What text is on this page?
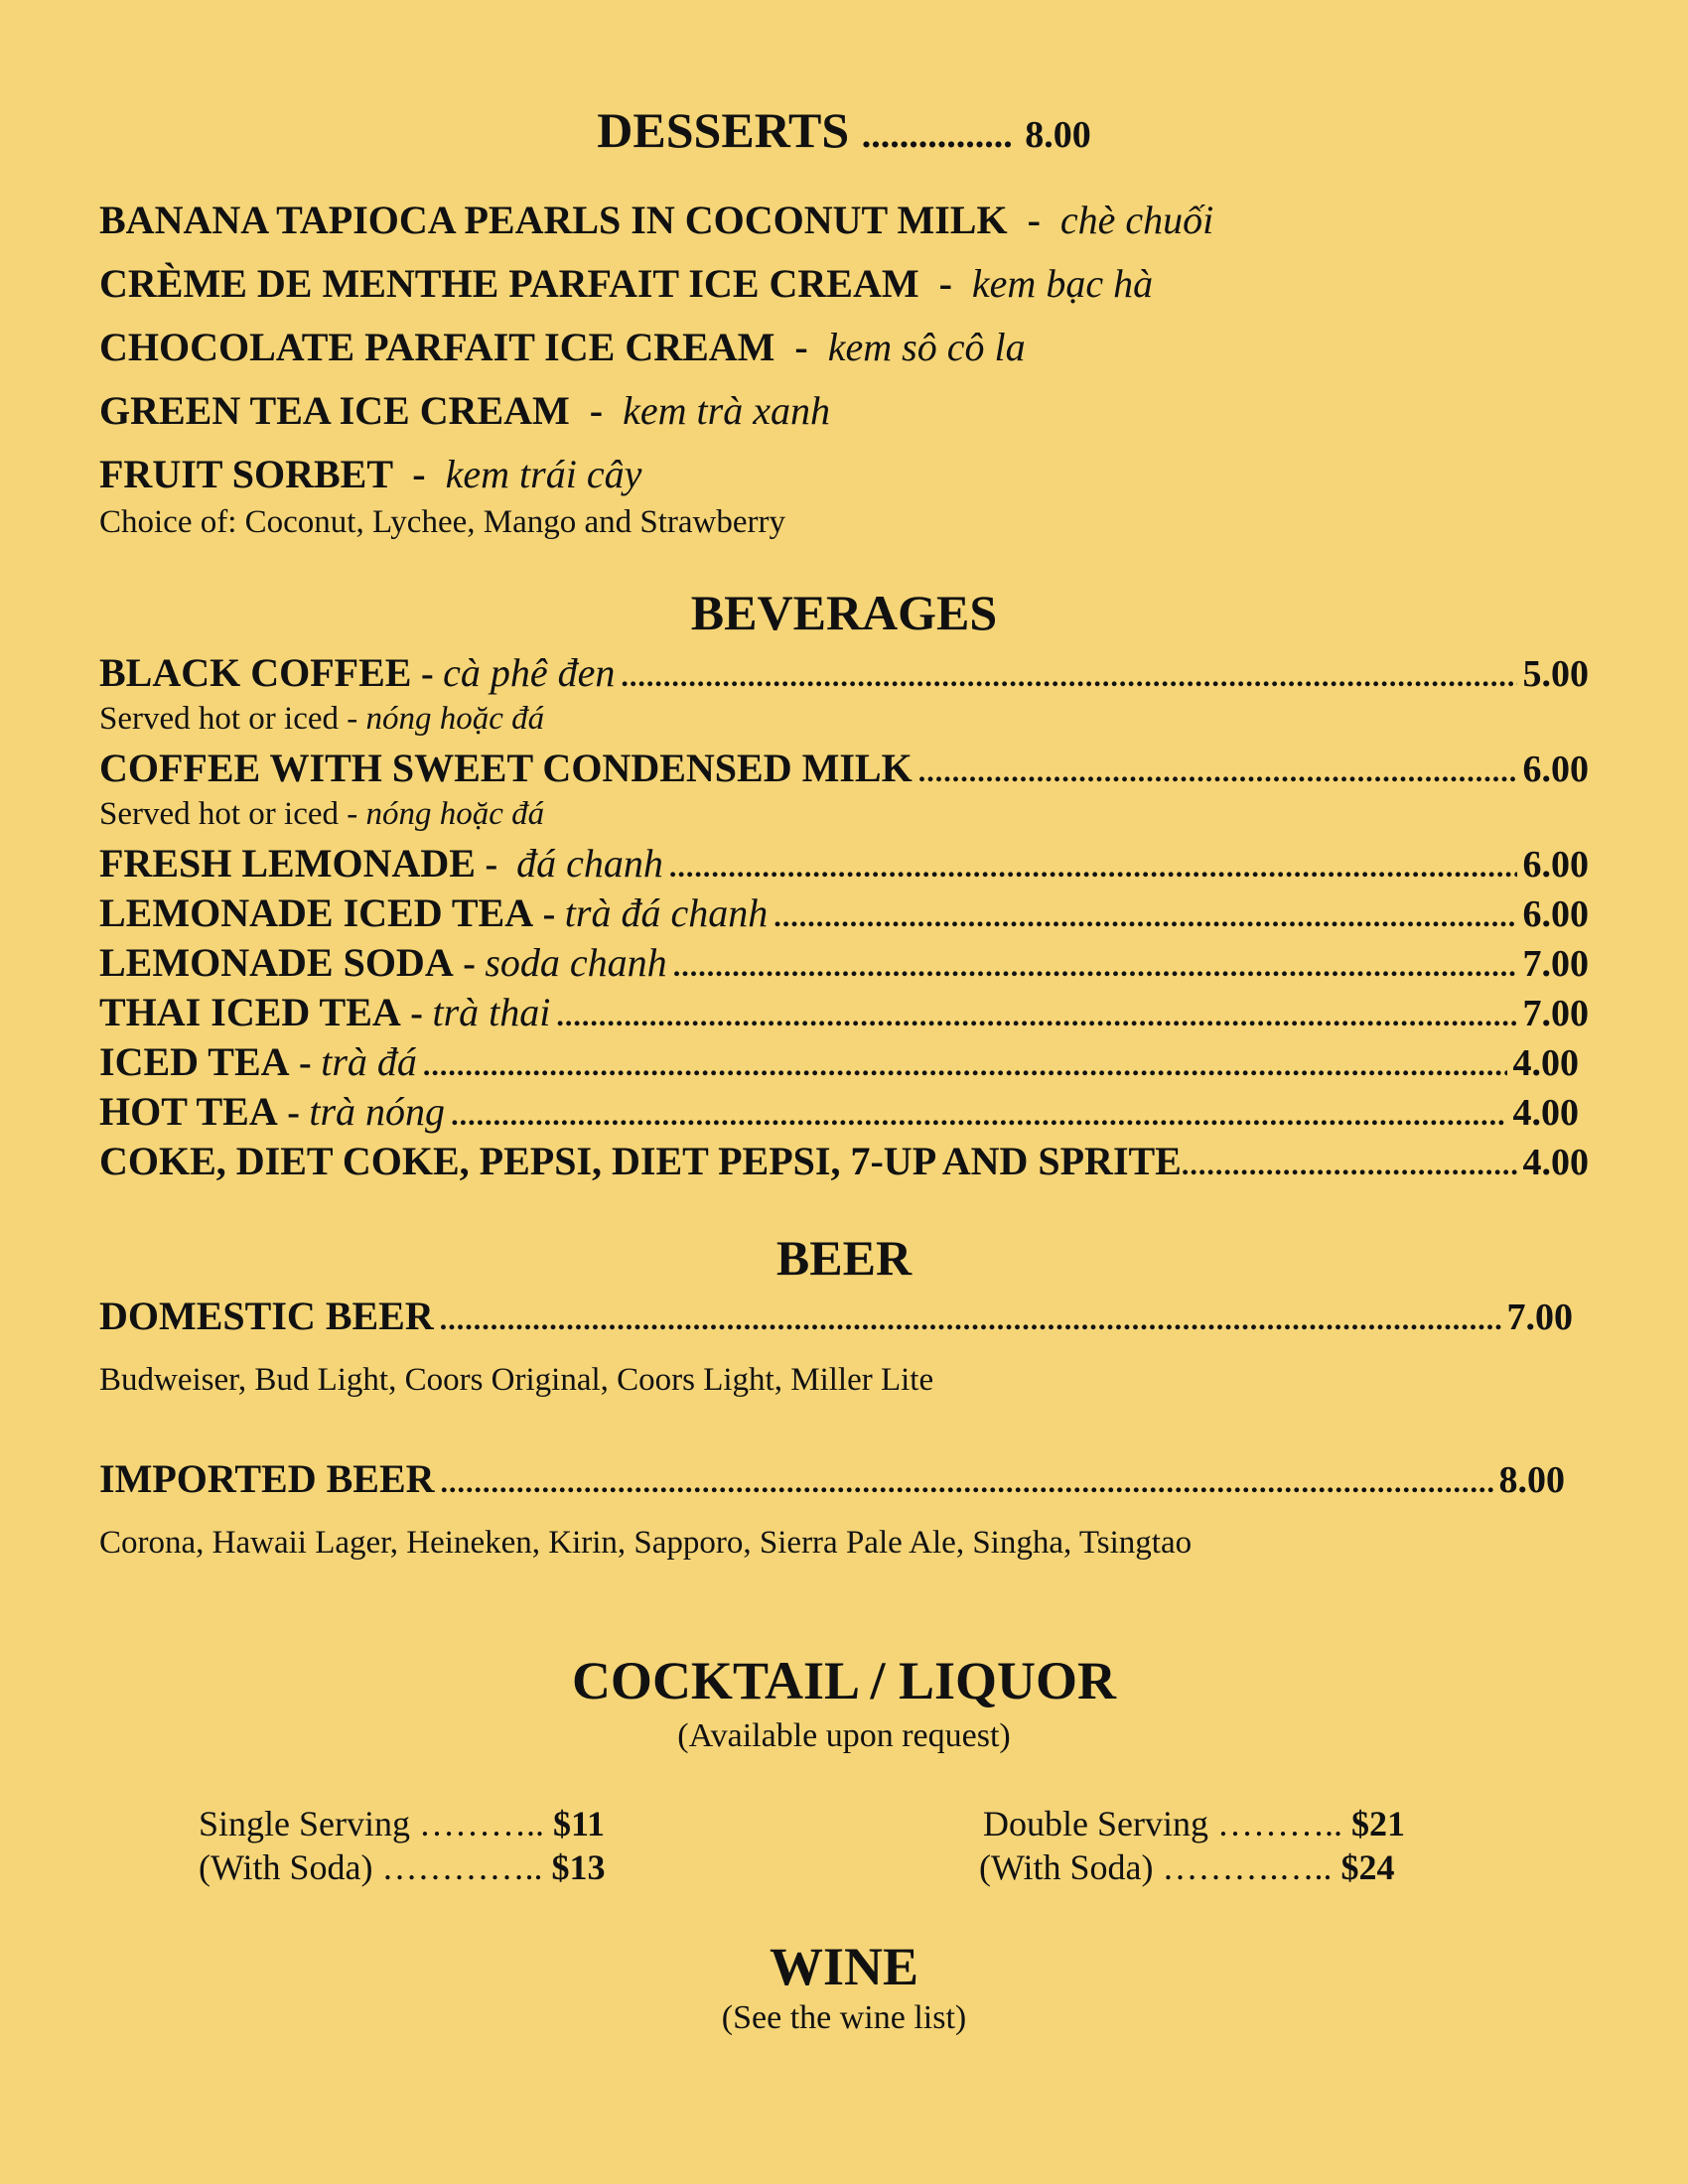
DESSERTS ................ 8.00
BANANA TAPIOCA PEARLS IN COCONUT MILK  -  chè chuối
CRÈME DE MENTHE PARFAIT ICE CREAM  -  kem bạc hà
CHOCOLATE PARFAIT ICE CREAM  -  kem sô cô la
GREEN TEA ICE CREAM  -  kem trà xanh
FRUIT SORBET  -  kem trái cây
Choice of: Coconut, Lychee, Mango and Strawberry
BEVERAGES
BLACK COFFEE - cà phê đen .....	5.00
Served hot or iced - nóng hoặc đá
COFFEE WITH SWEET CONDENSED MILK .....	6.00
Served hot or iced - nóng hoặc đá
FRESH LEMONADE - đá chanh .....	6.00
LEMONADE ICED TEA - trà đá chanh .....	6.00
LEMONADE SODA - soda chanh .....	7.00
THAI ICED TEA - trà thai .....	7.00
ICED TEA - trà đá .....	4.00
HOT TEA - trà nóng .....	4.00
COKE, DIET COKE, PEPSI, DIET PEPSI, 7-UP AND SPRITE .....	4.00
BEER
DOMESTIC BEER .....	7.00
Budweiser, Bud Light, Coors Original, Coors Light, Miller Lite
IMPORTED BEER .....	8.00
Corona, Hawaii Lager, Heineken, Kirin, Sapporo, Sierra Pale Ale, Singha, Tsingtao
COCKTAIL / LIQUOR
(Available upon request)
Single Serving ……….. $11
(With Soda) ………….. $13
Double Serving ……….. $21
(With Soda) ……….….. $24
WINE
(See the wine list)
